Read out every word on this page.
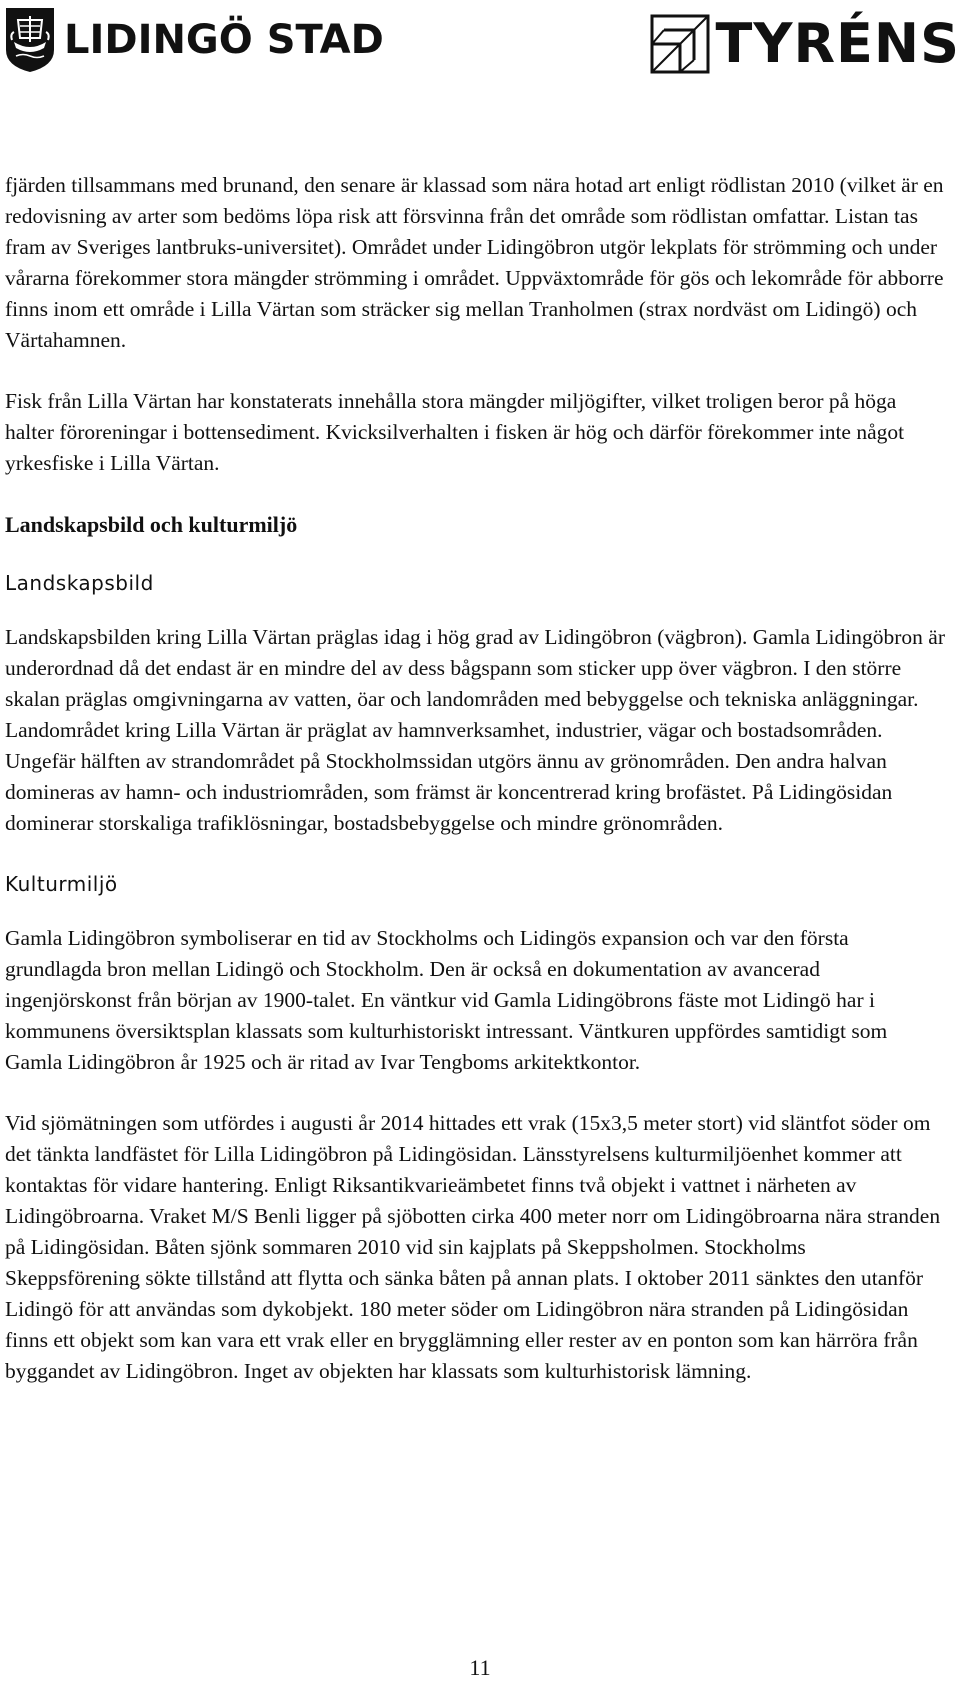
LIDINGÖ STAD	TYRÉNS

fjärden tillsammans med brunand, den senare är klassad som nära hotad art enligt rödlistan 2010 (vilket är en redovisning av arter som bedöms löpa risk att försvinna från det område som rödlistan omfattar. Listan tas fram av Sveriges lantbruks-universitet). Området under Lidingöbron utgör lekplats för strömming och under vårarna förekommer stora mängder strömming i området. Uppväxtområde för gös och lekområde för abborre finns inom ett område i Lilla Värtan som sträcker sig mellan Tranholmen (strax nordväst om Lidingö) och Värtahamnen.

Fisk från Lilla Värtan har konstaterats innehålla stora mängder miljögifter, vilket troligen beror på höga halter föroreningar i bottensediment. Kvicksilverhalten i fisken är hög och därför förekommer inte något yrkesfiske i Lilla Värtan.

Landskapsbild och kulturmiljö
Landskapsbild

Landskapsbilden kring Lilla Värtan präglas idag i hög grad av Lidingöbron (vägbron). Gamla Lidingöbron är underordnad då det endast är en mindre del av dess bågspann som sticker upp över vägbron. I den större skalan präglas omgivningarna av vatten, öar och landområden med bebyggelse och tekniska anläggningar. Landområdet kring Lilla Värtan är präglat av hamnverksamhet, industrier, vägar och bostadsområden. Ungefär hälften av strandområdet på Stockholmssidan utgörs ännu av grönområden. Den andra halvan domineras av hamn- och industriområden, som främst är koncentrerad kring brofästet. På Lidingösidan dominerar storskaliga trafiklösningar, bostadsbebyggelse och mindre grönområden.

Kulturmiljö

Gamla Lidingöbron symboliserar en tid av Stockholms och Lidingös expansion och var den första grundlagda bron mellan Lidingö och Stockholm. Den är också en dokumentation av avancerad ingenjörskonst från början av 1900-talet. En väntkur vid Gamla Lidingöbrons fäste mot Lidingö har i kommunens översiktsplan klassats som kulturhistoriskt intressant. Väntkuren uppfördes samtidigt som Gamla Lidingöbron år 1925 och är ritad av Ivar Tengboms arkitektkontor.

Vid sjömätningen som utfördes i augusti år 2014 hittades ett vrak (15x3,5 meter stort) vid släntfot söder om det tänkta landfästet för Lilla Lidingöbron på Lidingösidan. Länsstyrelsens kulturmiljöenhet kommer att kontaktas för vidare hantering. Enligt Riksantikvarieämbetet finns två objekt i vattnet i närheten av Lidingöbroarna. Vraket M/S Benli ligger på sjöbotten cirka 400 meter norr om Lidingöbroarna nära stranden på Lidingösidan. Båten sjönk sommaren 2010 vid sin kajplats på Skeppsholmen. Stockholms Skeppsförening sökte tillstånd att flytta och sänka båten på annan plats. I oktober 2011 sänktes den utanför Lidingö för att användas som dykobjekt. 180 meter söder om Lidingöbron nära stranden på Lidingösidan finns ett objekt som kan vara ett vrak eller en brygglämning eller rester av en ponton som kan härröra från byggandet av Lidingöbron. Inget av objekten har klassats som kulturhistorisk lämning.

11
